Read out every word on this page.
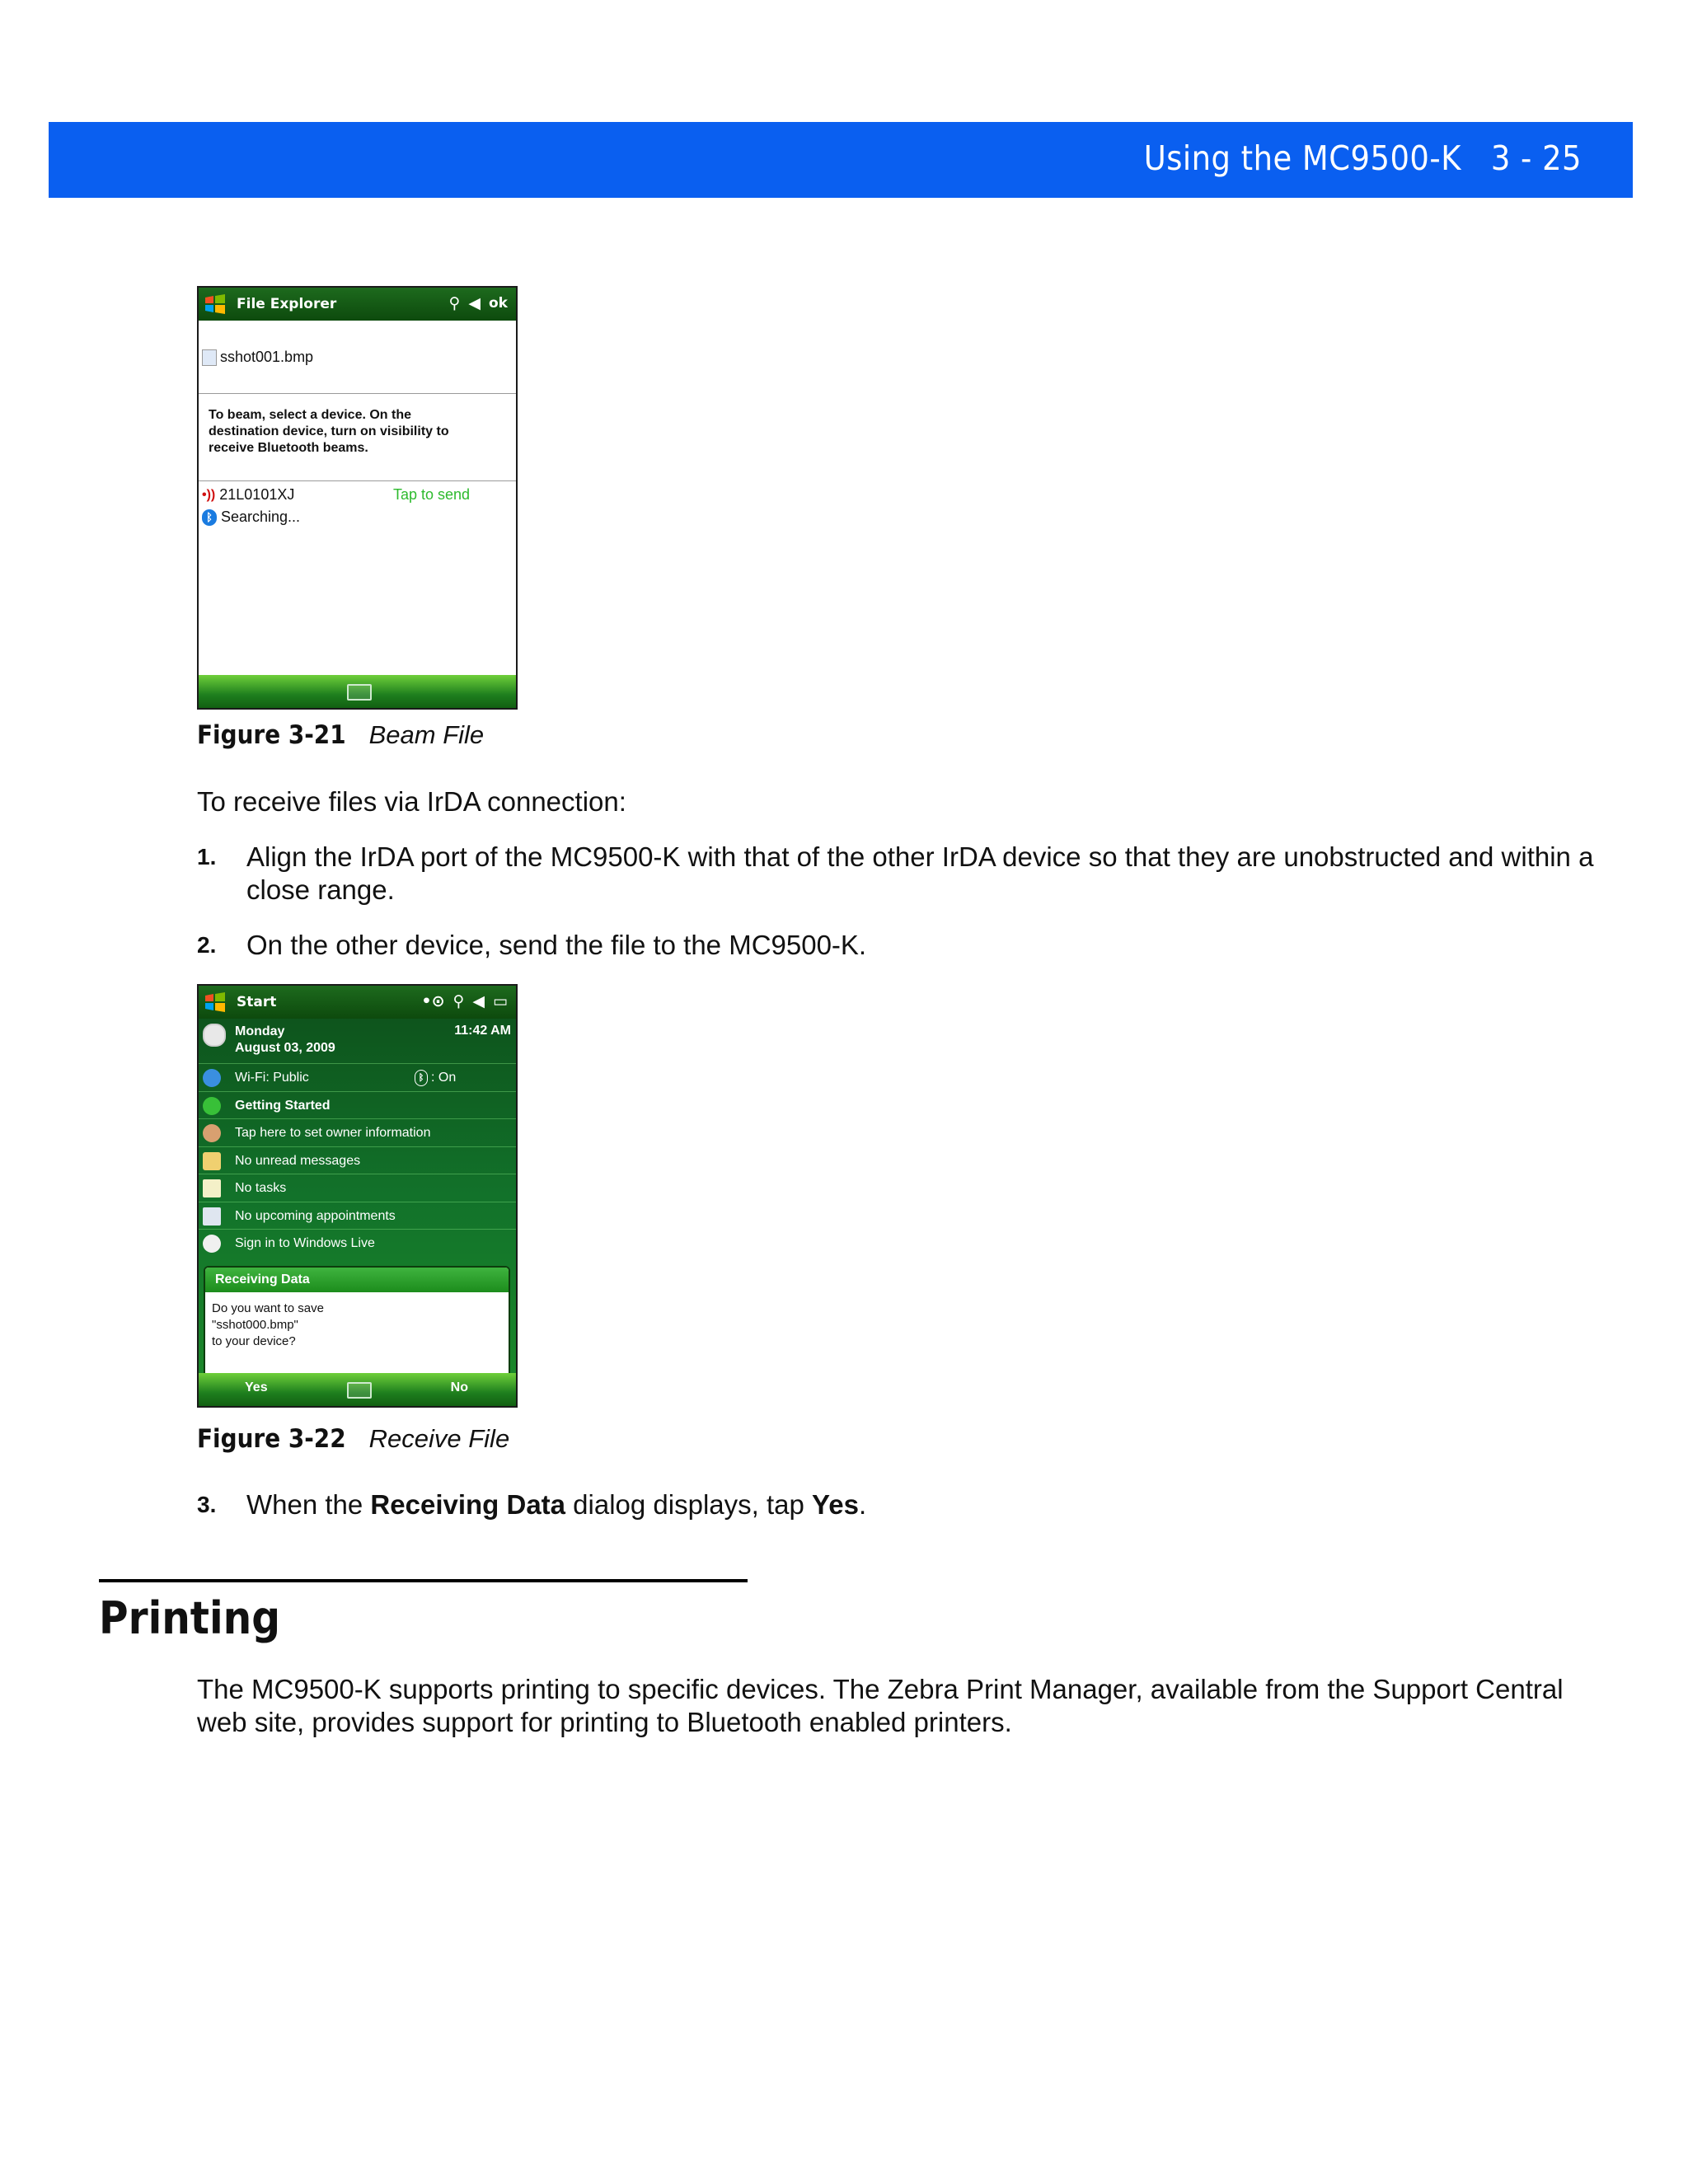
Using the MC9500-K 3 - 25
File Explorer	⚲ ◀ ok
sshot001.bmp
To beam, select a device. On the destination device, turn on visibility to receive Bluetooth beams.
•)) 21L0101XJ	Tap to send
ᛒ Searching...
Figure 3-21 Beam File
To receive files via IrDA connection:
1. Align the IrDA port of the MC9500-K with that of the other IrDA device so that they are unobstructed and within a close range.
2. On the other device, send the file to the MC9500-K.
Start	•⊙ ⚲ ◀ ▭
Monday
August 03, 2009
11:42 AM
Wi-Fi: Public	ᛒ : On
Getting Started
Tap here to set owner information
No unread messages
No tasks
No upcoming appointments
Sign in to Windows Live
Receiving Data
Do you want to save
"sshot000.bmp"
to your device?
Yes	No
Figure 3-22 Receive File
3. When the Receiving Data dialog displays, tap Yes.
Printing
The MC9500-K supports printing to specific devices. The Zebra Print Manager, available from the Support Central web site, provides support for printing to Bluetooth enabled printers.
